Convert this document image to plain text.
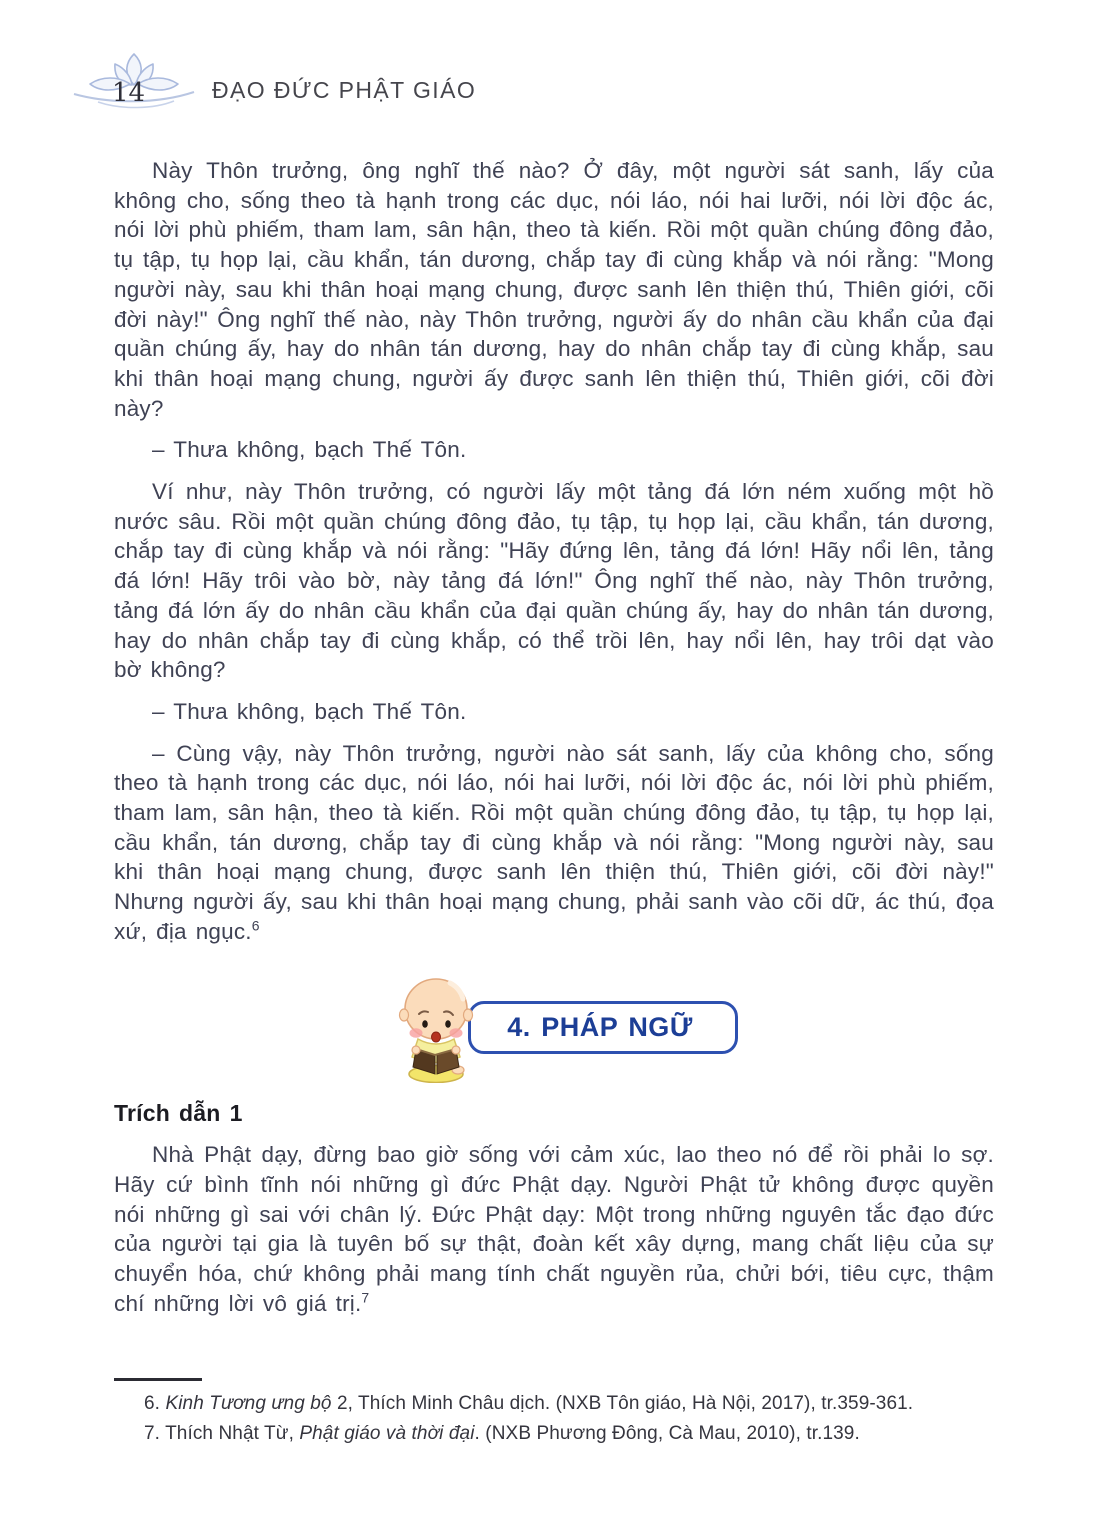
14	ĐẠO ĐỨC PHẬT GIÁO

Này Thôn trưởng, ông nghĩ thế nào? Ở đây, một người sát sanh, lấy của không cho, sống theo tà hạnh trong các dục, nói láo, nói hai lưỡi, nói lời độc ác, nói lời phù phiếm, tham lam, sân hận, theo tà kiến. Rồi một quần chúng đông đảo, tụ tập, tụ họp lại, cầu khẩn, tán dương, chắp tay đi cùng khắp và nói rằng: "Mong người này, sau khi thân hoại mạng chung, được sanh lên thiện thú, Thiên giới, cõi đời này!" Ông nghĩ thế nào, này Thôn trưởng, người ấy do nhân cầu khẩn của đại quần chúng ấy, hay do nhân tán dương, hay do nhân chắp tay đi cùng khắp, sau khi thân hoại mạng chung, người ấy được sanh lên thiện thú, Thiên giới, cõi đời này?

– Thưa không, bạch Thế Tôn.

Ví như, này Thôn trưởng, có người lấy một tảng đá lớn ném xuống một hồ nước sâu. Rồi một quần chúng đông đảo, tụ tập, tụ họp lại, cầu khẩn, tán dương, chắp tay đi cùng khắp và nói rằng: "Hãy đứng lên, tảng đá lớn! Hãy nổi lên, tảng đá lớn! Hãy trôi vào bờ, này tảng đá lớn!" Ông nghĩ thế nào, này Thôn trưởng, tảng đá lớn ấy do nhân cầu khẩn của đại quần chúng ấy, hay do nhân tán dương, hay do nhân chắp tay đi cùng khắp, có thể trồi lên, hay nổi lên, hay trôi dạt vào bờ không?

– Thưa không, bạch Thế Tôn.

– Cùng vậy, này Thôn trưởng, người nào sát sanh, lấy của không cho, sống theo tà hạnh trong các dục, nói láo, nói hai lưỡi, nói lời độc ác, nói lời phù phiếm, tham lam, sân hận, theo tà kiến. Rồi một quần chúng đông đảo, tụ tập, tụ họp lại, cầu khẩn, tán dương, chắp tay đi cùng khắp và nói rằng: "Mong người này, sau khi thân hoại mạng chung, được sanh lên thiện thú, Thiên giới, cõi đời này!" Nhưng người ấy, sau khi thân hoại mạng chung, phải sanh vào cõi dữ, ác thú, đọa xứ, địa ngục.$^6$

4. PHÁP NGỮ
Trích dẫn 1

Nhà Phật dạy, đừng bao giờ sống với cảm xúc, lao theo nó để rồi phải lo sợ. Hãy cứ bình tĩnh nói những gì đức Phật dạy. Người Phật tử không được quyền nói những gì sai với chân lý. Đức Phật dạy: Một trong những nguyên tắc đạo đức của người tại gia là tuyên bố sự thật, đoàn kết xây dựng, mang chất liệu của sự chuyển hóa, chứ không phải mang tính chất nguyền rủa, chửi bới, tiêu cực, thậm chí những lời vô giá trị.$^7$

6. Kinh Tương ưng bộ 2, Thích Minh Châu dịch. (NXB Tôn giáo, Hà Nội, 2017), tr.359-361.
7. Thích Nhật Từ, Phật giáo và thời đại. (NXB Phương Đông, Cà Mau, 2010), tr.139.
